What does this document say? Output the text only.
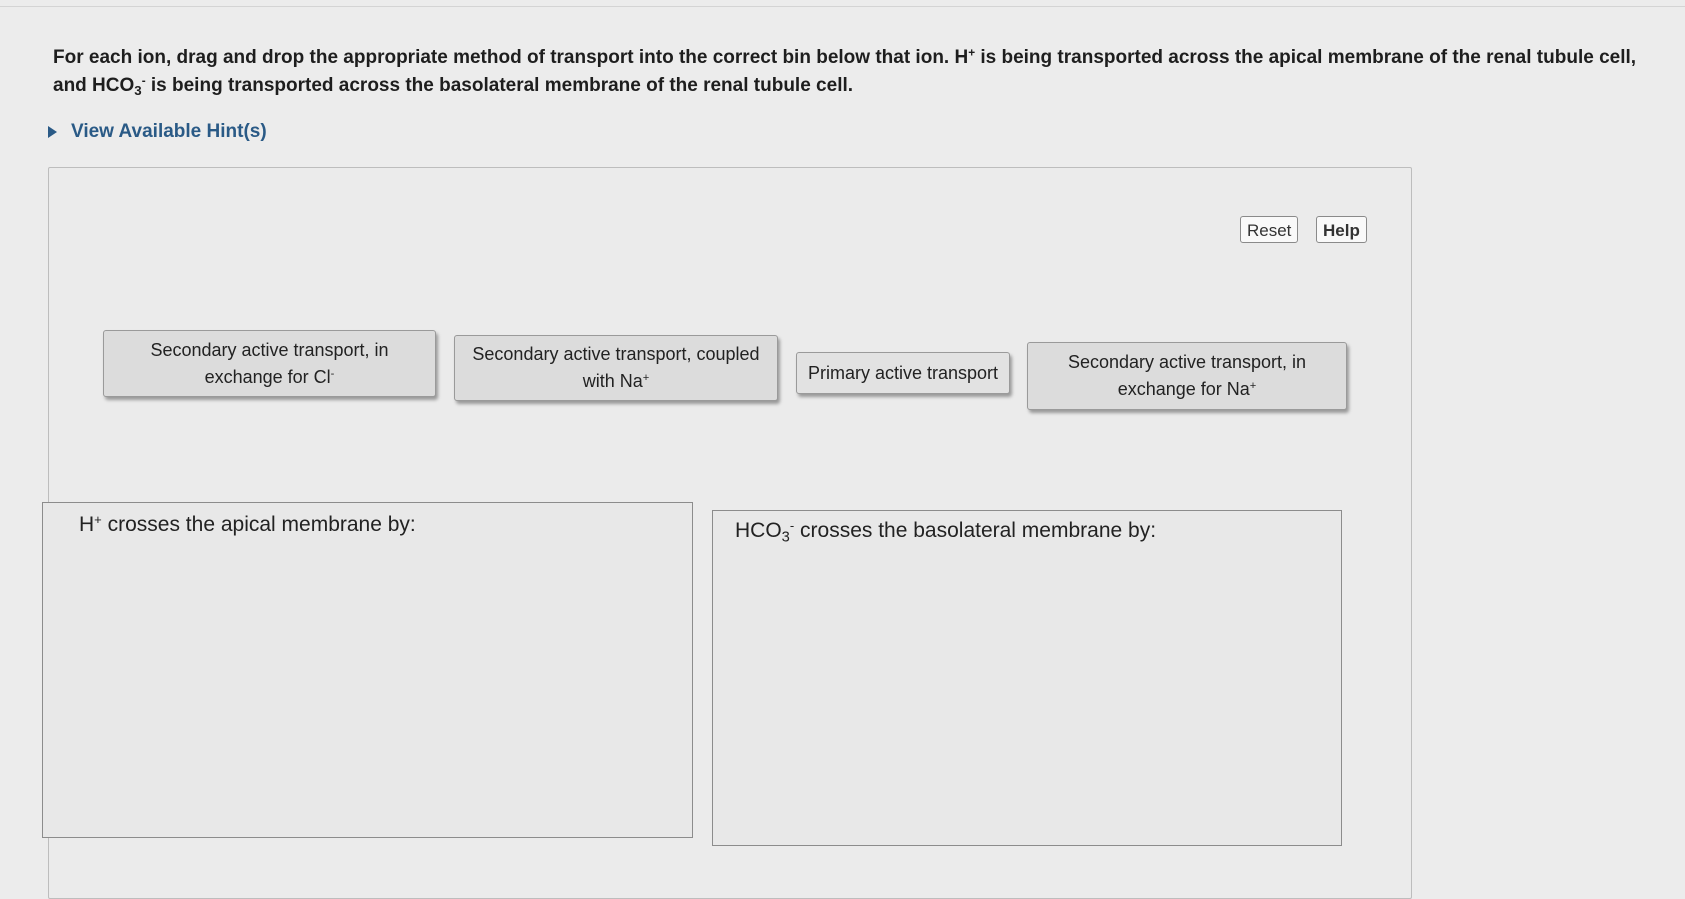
For each ion, drag and drop the appropriate method of transport into the correct bin below that ion. H+ is being transported across the apical membrane of the renal tubule cell, and $HCO_3^-$ is being transported across the basolateral membrane of the renal tubule cell.

View Available Hint(s)
Reset	Help
Secondary active transport, in
exchange for Cl-
Secondary active transport, coupled
with Na+	Primary active transport
Secondary active transport, in
exchange for Na+
H+ crosses the apical membrane by:	$HCO_3^-$ crosses the basolateral membrane by:
